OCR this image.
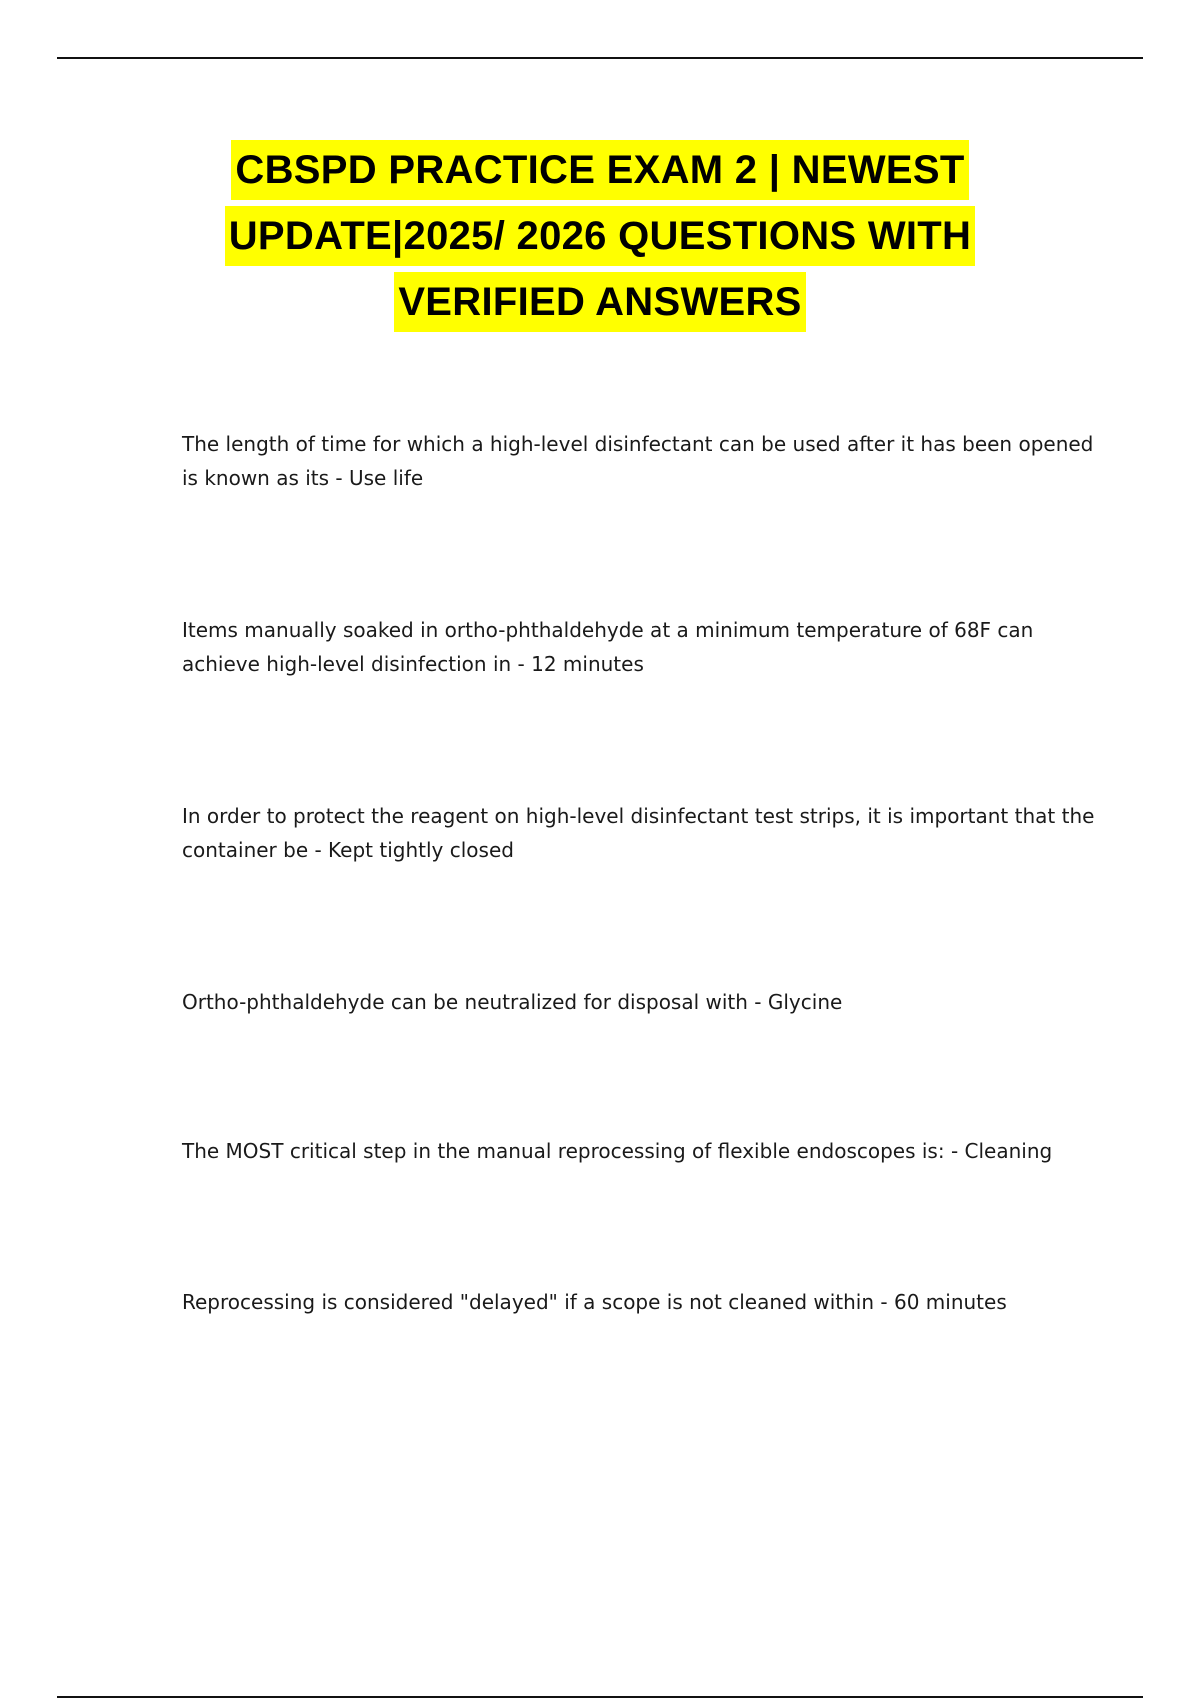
CBSPD PRACTICE EXAM 2 | NEWEST
UPDATE|2025/ 2026 QUESTIONS WITH
VERIFIED ANSWERS

The length of time for which a high-level disinfectant can be used after it has been opened is known as its - Use life

Items manually soaked in ortho-phthaldehyde at a minimum temperature of 68F can achieve high-level disinfection in - 12 minutes

In order to protect the reagent on high-level disinfectant test strips, it is important that the container be - Kept tightly closed

Ortho-phthaldehyde can be neutralized for disposal with - Glycine

The MOST critical step in the manual reprocessing of flexible endoscopes is: - Cleaning

Reprocessing is considered "delayed" if a scope is not cleaned within - 60 minutes
